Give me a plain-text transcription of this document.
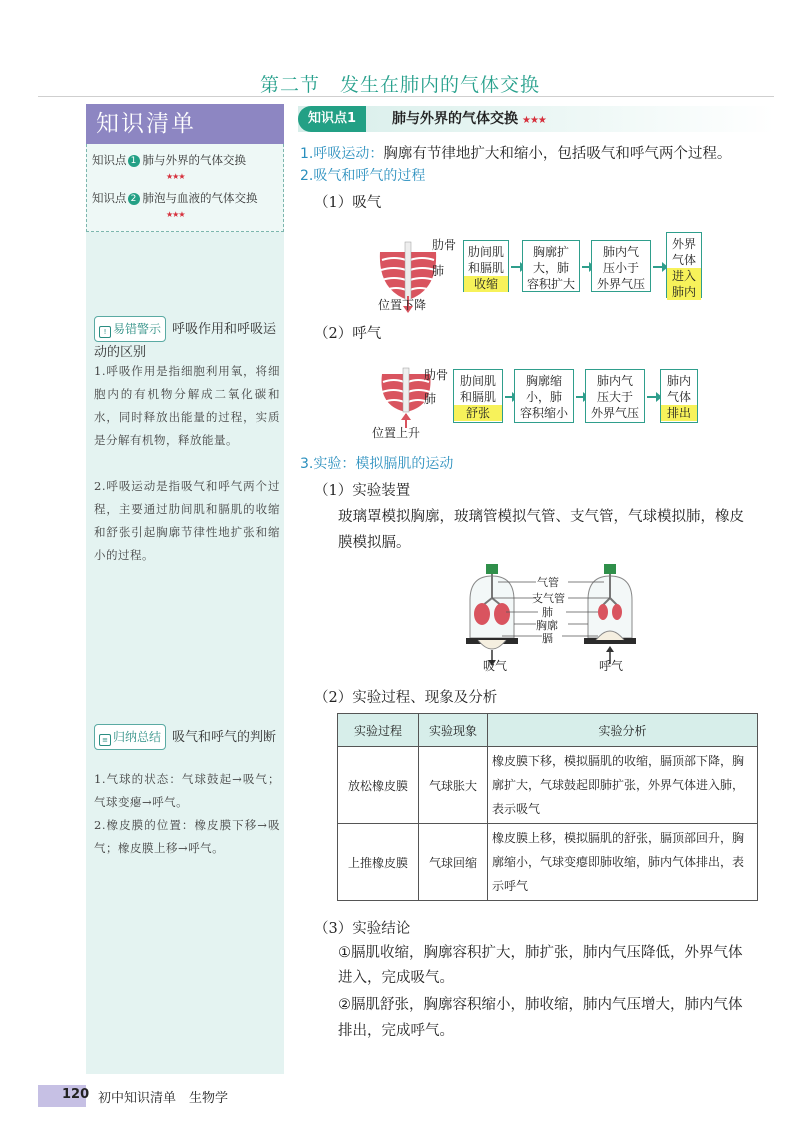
第二节　发生在肺内的气体交换
知识清单
知识点 1 肺与外界的气体交换
★★★
知识点 2 肺泡与血液的气体交换
★★★
! 易错警示 呼吸作用和呼吸运动的区别
1.呼吸作用是指细胞利用氧，将细胞内的有机物分解成二氧化碳和水，同时释放出能量的过程，实质是分解有机物，释放能量。
2.呼吸运动是指吸气和呼气两个过程，主要通过肋间肌和膈肌的收缩和舒张引起胸廓节律性地扩张和缩小的过程。
≡ 归纳总结 吸气和呼气的判断
1.气球的状态：气球鼓起→吸气；气球变瘪→呼气。
2.橡皮膜的位置：橡皮膜下移→吸气；橡皮膜上移→呼气。
知识点1	肺与外界的气体交换 ★★★
1.呼吸运动：胸廓有节律地扩大和缩小，包括吸气和呼气两个过程。
2.吸气和呼气的过程
（1）吸气
肋骨
肺
位置下降
肋间肌
和膈肌
收缩
胸廓扩
大，肺
容积扩大
肺内气
压小于
外界气压
外界
气体
进入
肺内
（2）呼气
肋骨
肺
位置上升
肋间肌
和膈肌
舒张
胸廓缩
小，肺
容积缩小
肺内气
压大于
外界气压
肺内
气体
排出
3.实验：模拟膈肌的运动
（1）实验装置
玻璃罩模拟胸廓，玻璃管模拟气管、支气管，气球模拟肺，橡皮
膜模拟膈。
气管
支气管
肺
胸廓
膈
吸气	呼气
（2）实验过程、现象及分析
实验过程	实验现象	实验分析
放松橡皮膜	气球胀大	橡皮膜下移，模拟膈肌的收缩，膈顶部下降，胸
廓扩大，气球鼓起即肺扩张，外界气体进入肺，
表示吸气

上推橡皮膜	气球回缩	橡皮膜上移，模拟膈肌的舒张，膈顶部回升，胸
廓缩小，气球变瘪即肺收缩，肺内气体排出，表
示呼气
（3）实验结论
①膈肌收缩，胸廓容积扩大，肺扩张，肺内气压降低，外界气体
进入，完成吸气。
②膈肌舒张，胸廓容积缩小，肺收缩，肺内气压增大，肺内气体
排出，完成呼气。
120 初中知识清单　生物学
